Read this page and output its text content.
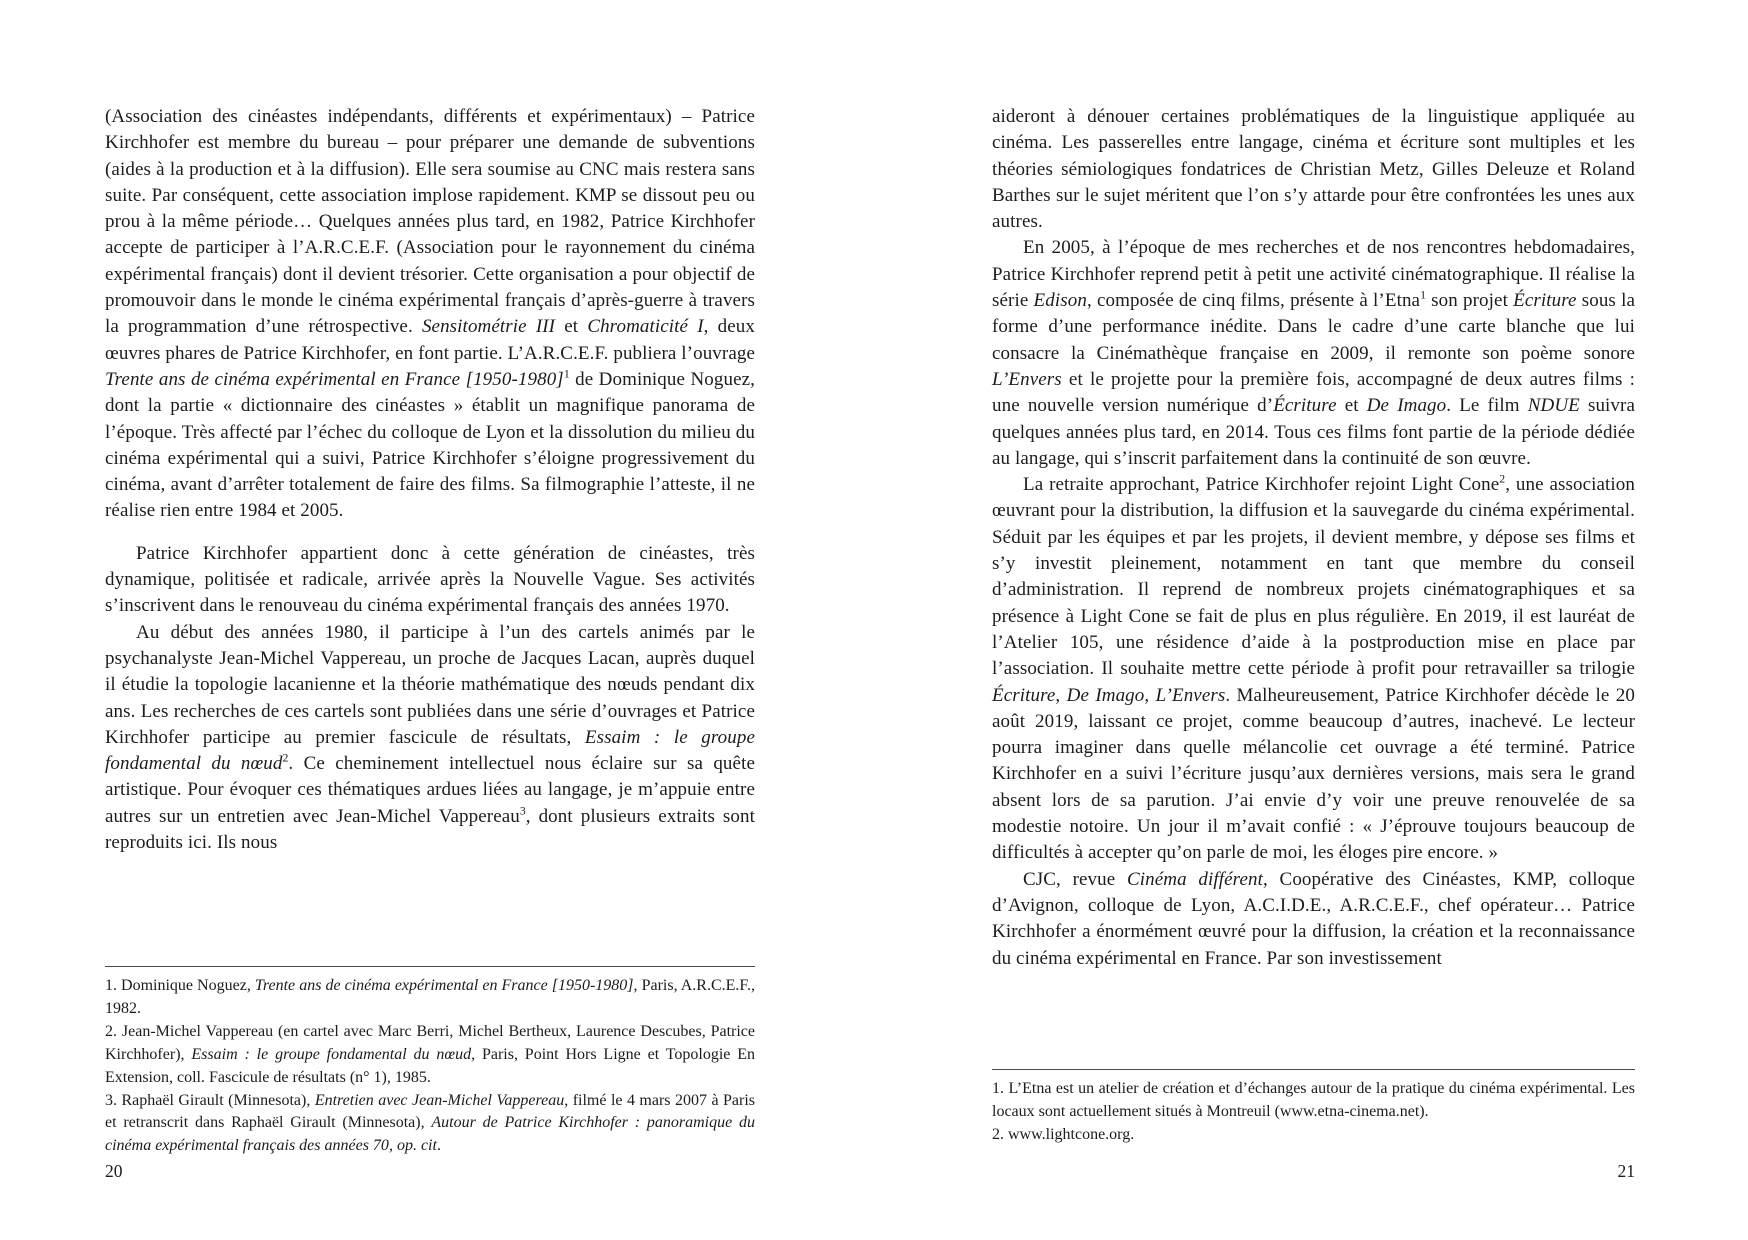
(Association des cinéastes indépendants, différents et expérimentaux) – Patrice Kirchhofer est membre du bureau – pour préparer une demande de subventions (aides à la production et à la diffusion). Elle sera soumise au CNC mais restera sans suite. Par conséquent, cette association implose rapidement. KMP se dissout peu ou prou à la même période… Quelques années plus tard, en 1982, Patrice Kirchhofer accepte de participer à l’A.R.C.E.F. (Association pour le rayonnement du cinéma expérimental français) dont il devient trésorier. Cette organisation a pour objectif de promouvoir dans le monde le cinéma expérimental français d’après-guerre à travers la programmation d’une rétrospective. Sensitométrie III et Chromaticité I, deux œuvres phares de Patrice Kirchhofer, en font partie. L’A.R.C.E.F. publiera l’ouvrage Trente ans de cinéma expérimental en France [1950-1980]$^1$ de Dominique Noguez, dont la partie « dictionnaire des cinéastes » établit un magnifique panorama de l’époque. Très affecté par l’échec du colloque de Lyon et la dissolution du milieu du cinéma expérimental qui a suivi, Patrice Kirchhofer s’éloigne progressivement du cinéma, avant d’arrêter totalement de faire des films. Sa filmographie l’atteste, il ne réalise rien entre 1984 et 2005.

Patrice Kirchhofer appartient donc à cette génération de cinéastes, très dynamique, politisée et radicale, arrivée après la Nouvelle Vague. Ses activités s’inscrivent dans le renouveau du cinéma expérimental français des années 1970.

Au début des années 1980, il participe à l’un des cartels animés par le psychanalyste Jean-Michel Vappereau, un proche de Jacques Lacan, auprès duquel il étudie la topologie lacanienne et la théorie mathématique des nœuds pendant dix ans. Les recherches de ces cartels sont publiées dans une série d’ouvrages et Patrice Kirchhofer participe au premier fascicule de résultats, Essaim : le groupe fondamental du nœud$^2$. Ce cheminement intellectuel nous éclaire sur sa quête artistique. Pour évoquer ces thématiques ardues liées au langage, je m’appuie entre autres sur un entretien avec Jean-Michel Vappereau$^3$, dont plusieurs extraits sont reproduits ici. Ils nous

1. Dominique Noguez, Trente ans de cinéma expérimental en France [1950-1980], Paris, A.R.C.E.F., 1982.

2. Jean-Michel Vappereau (en cartel avec Marc Berri, Michel Bertheux, Laurence Descubes, Patrice Kirchhofer), Essaim : le groupe fondamental du nœud, Paris, Point Hors Ligne et Topologie En Extension, coll. Fascicule de résultats (n° 1), 1985.

3. Raphaël Girault (Minnesota), Entretien avec Jean-Michel Vappereau, filmé le 4 mars 2007 à Paris et retranscrit dans Raphaël Girault (Minnesota), Autour de Patrice Kirchhofer : panoramique du cinéma expérimental français des années 70, op. cit.

20

aideront à dénouer certaines problématiques de la linguistique appliquée au cinéma. Les passerelles entre langage, cinéma et écriture sont multiples et les théories sémiologiques fondatrices de Christian Metz, Gilles Deleuze et Roland Barthes sur le sujet méritent que l’on s’y attarde pour être confrontées les unes aux autres.

En 2005, à l’époque de mes recherches et de nos rencontres hebdomadaires, Patrice Kirchhofer reprend petit à petit une activité cinématographique. Il réalise la série Edison, composée de cinq films, présente à l’Etna$^1$ son projet Écriture sous la forme d’une performance inédite. Dans le cadre d’une carte blanche que lui consacre la Cinémathèque française en 2009, il remonte son poème sonore L’Envers et le projette pour la première fois, accompagné de deux autres films : une nouvelle version numérique d’Écriture et De Imago. Le film NDUE suivra quelques années plus tard, en 2014. Tous ces films font partie de la période dédiée au langage, qui s’inscrit parfaitement dans la continuité de son œuvre.

La retraite approchant, Patrice Kirchhofer rejoint Light Cone$^2$, une association œuvrant pour la distribution, la diffusion et la sauvegarde du cinéma expérimental. Séduit par les équipes et par les projets, il devient membre, y dépose ses films et s’y investit pleinement, notamment en tant que membre du conseil d’administration. Il reprend de nombreux projets cinématographiques et sa présence à Light Cone se fait de plus en plus régulière. En 2019, il est lauréat de l’Atelier 105, une résidence d’aide à la postproduction mise en place par l’association. Il souhaite mettre cette période à profit pour retravailler sa trilogie Écriture, De Imago, L’Envers. Malheureusement, Patrice Kirchhofer décède le 20 août 2019, laissant ce projet, comme beaucoup d’autres, inachevé. Le lecteur pourra imaginer dans quelle mélancolie cet ouvrage a été terminé. Patrice Kirchhofer en a suivi l’écriture jusqu’aux dernières versions, mais sera le grand absent lors de sa parution. J’ai envie d’y voir une preuve renouvelée de sa modestie notoire. Un jour il m’avait confié : « J’éprouve toujours beaucoup de difficultés à accepter qu’on parle de moi, les éloges pire encore. »

CJC, revue Cinéma différent, Coopérative des Cinéastes, KMP, colloque d’Avignon, colloque de Lyon, A.C.I.D.E., A.R.C.E.F., chef opérateur… Patrice Kirchhofer a énormément œuvré pour la diffusion, la création et la reconnaissance du cinéma expérimental en France. Par son investissement

1. L’Etna est un atelier de création et d’échanges autour de la pratique du cinéma expérimental. Les locaux sont actuellement situés à Montreuil (www.etna-cinema.net).

2. www.lightcone.org.

21
